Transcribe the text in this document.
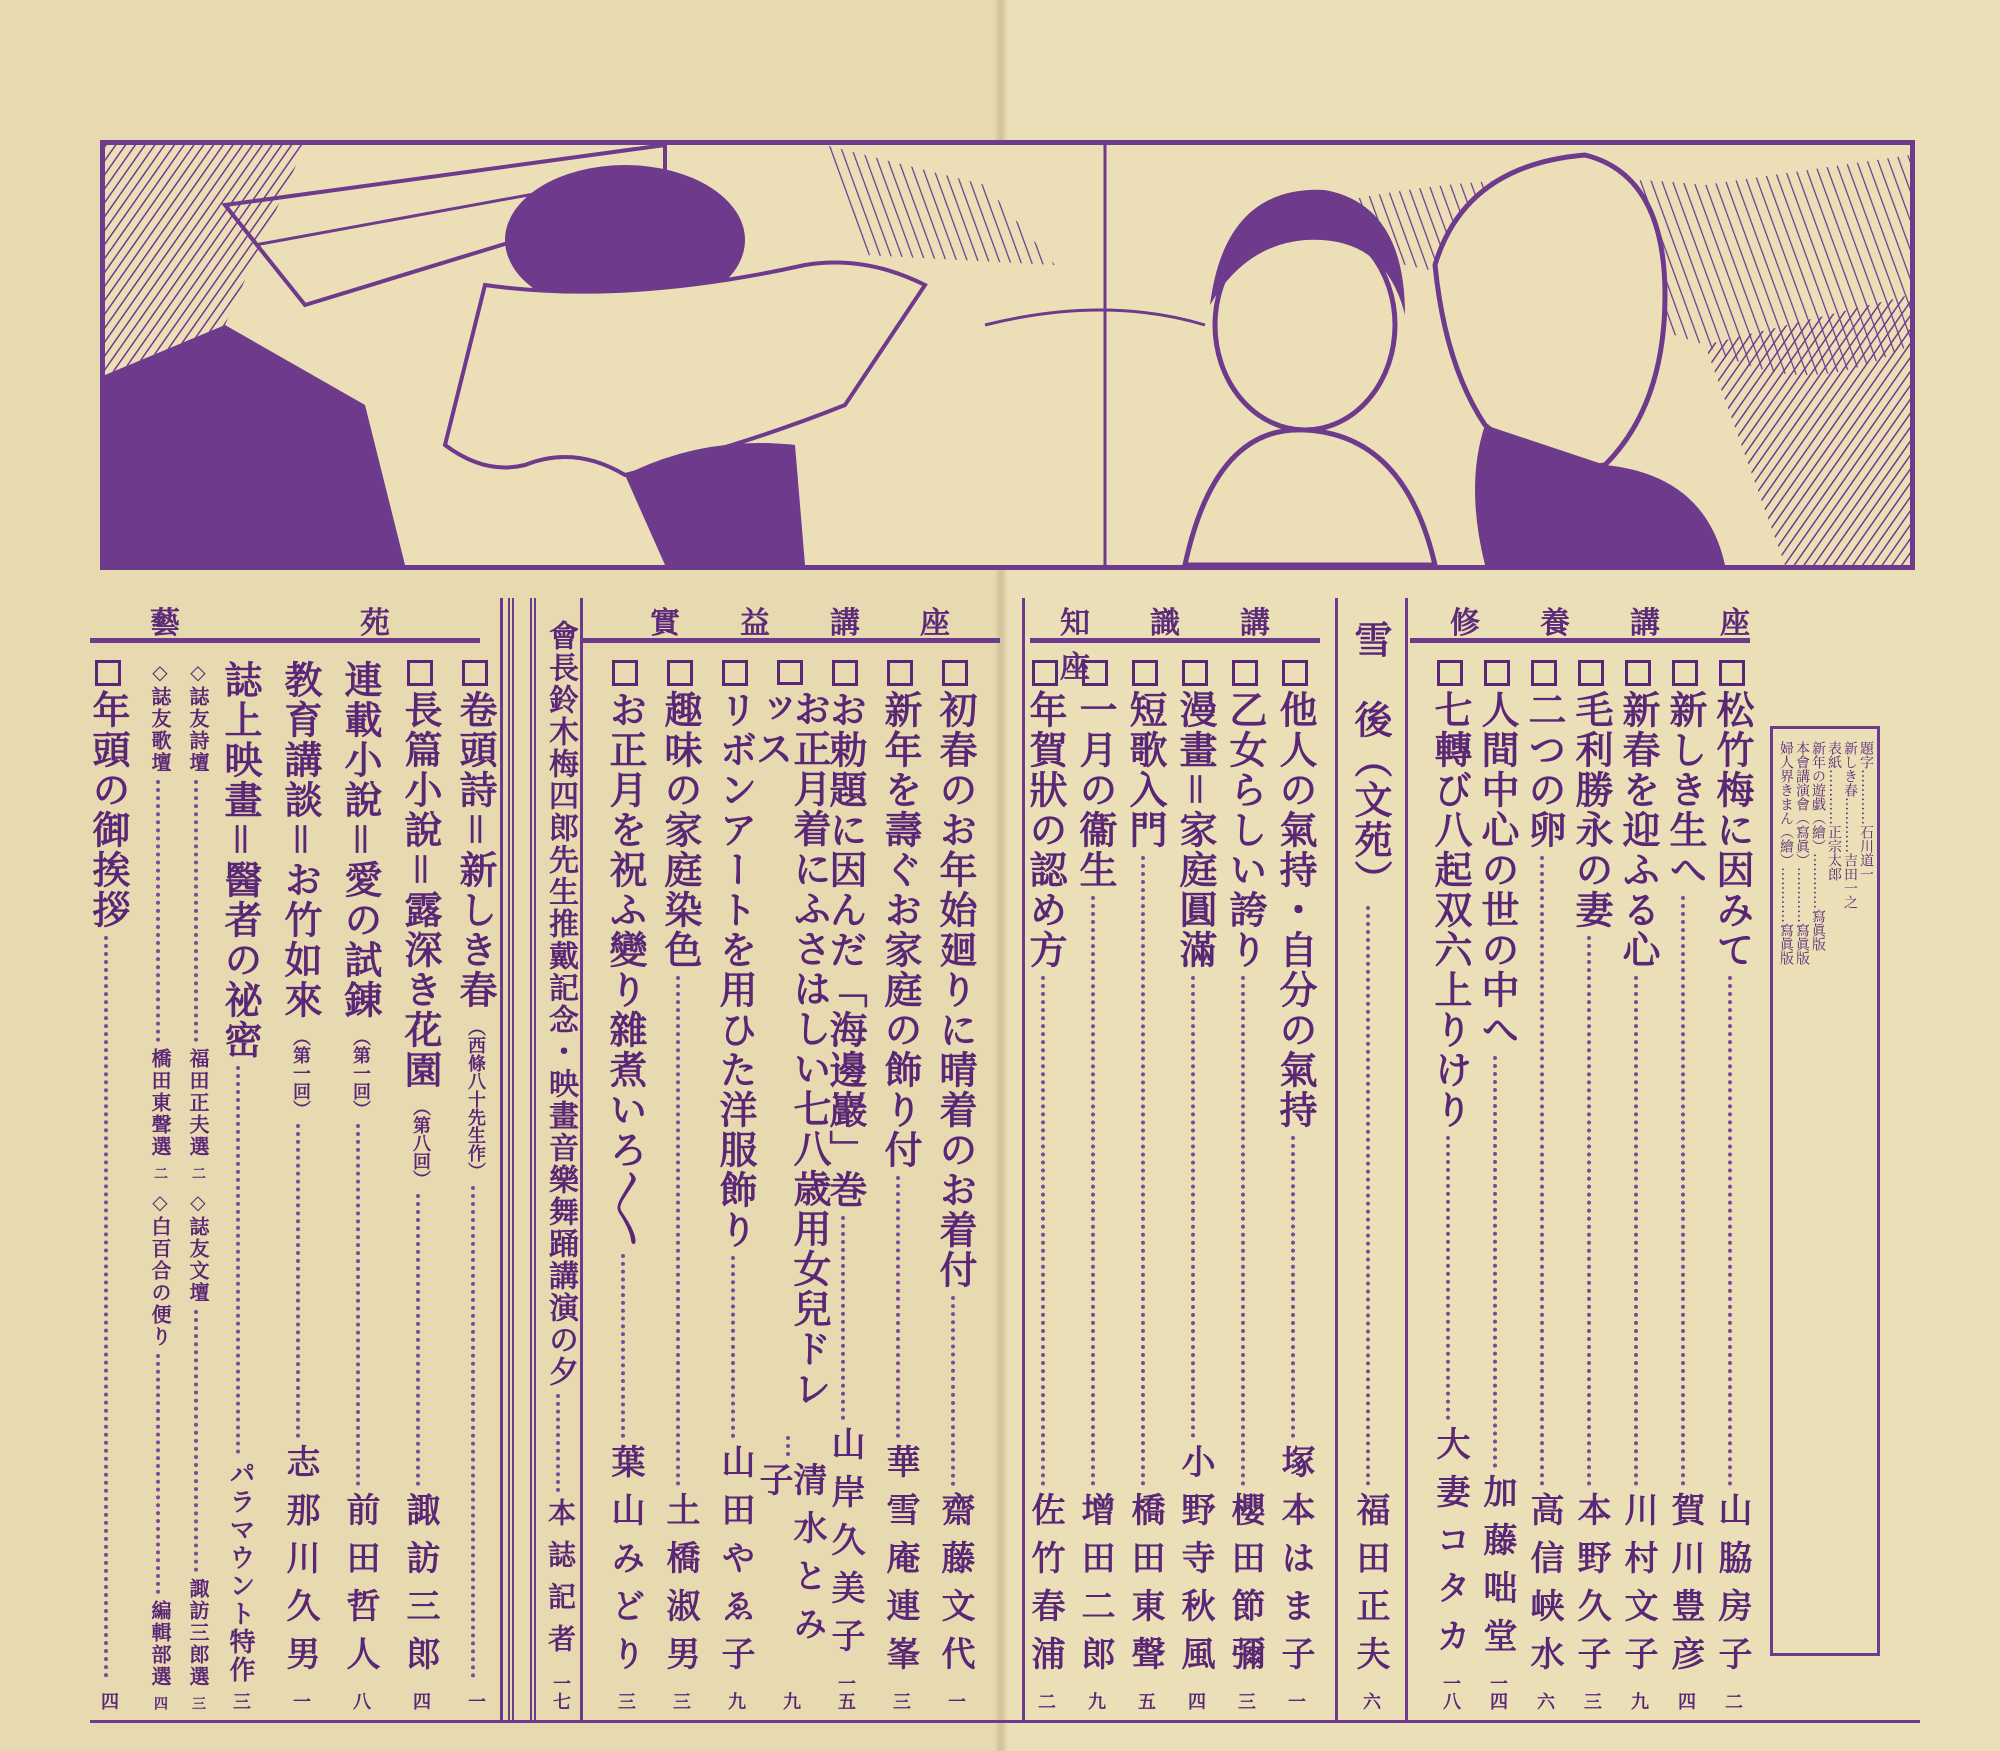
藝　　　　　　苑	實　　益　　講　　座	知　　識　　講　　座
修　　養　　講　　座
雪　後（文苑）
福田正夫
六
松竹梅に因みて
山脇房子
二
新しき生へ
賀川豊彦
四
新春を迎ふる心
川村文子
九
毛利勝永の妻
本野久子
三
二つの卵
高信峡水
六
人間中心の世の中へ
加藤咄堂
一四
七轉び八起双六上りけり
大妻コタカ
一八
題字…………石川道一
新しき春…………吉田一之
表紙…………正宗太郎
新年の遊戯（繪）…………寫眞版
本會講演會（寫眞）…………寫眞版
婦人界きまん（繪）…………寫眞版
他人の氣持・自分の氣持
塚本はま子
一
乙女らしい誇り
櫻田節彌
三
漫畫＝家庭圓滿
小野寺秋風
四
短歌入門
橋田東聲
五
一月の衞生
增田二郎
九
年賀狀の認め方
佐竹春浦
二
初春のお年始廻りに晴着のお着付
齋藤文代
一
新年を壽ぐお家庭の飾り付
華雪庵連峯
三
お勅題に因んだ「海邊巖」巻
山岸久美子
一五
お正月着にふさはしい七八歳用女兒ドレッス
清水とみ子
九
リボンアートを用ひた洋服飾り
山田やゑ子
九
趣味の家庭染色
土橋淑男
三
お正月を祝ふ變り雜煮いろ〳〵
葉山みどり
三
會長鈴木梅四郎先生推戴記念・映畫音樂舞踊講演の夕
本誌記者
一七
卷頭詩＝新しき春
（西條八十先生作）
一
長篇小說＝露深き花園
（第八回）
諏訪三郎
四
連載小說＝愛の試錬
（第一回）
前田哲人
八
教育講談＝お竹如來
（第一回）
志那川久男
一
誌上映畫＝醫者の祕密
パラマウント特作
三
◇誌友詩壇
福田正夫選
二
◇誌友文壇
諏訪三郎選
三
◇誌友歌壇
橋田東聲選
二
◇白百合の便り
編輯部選
四
年頭の御挨拶
四
